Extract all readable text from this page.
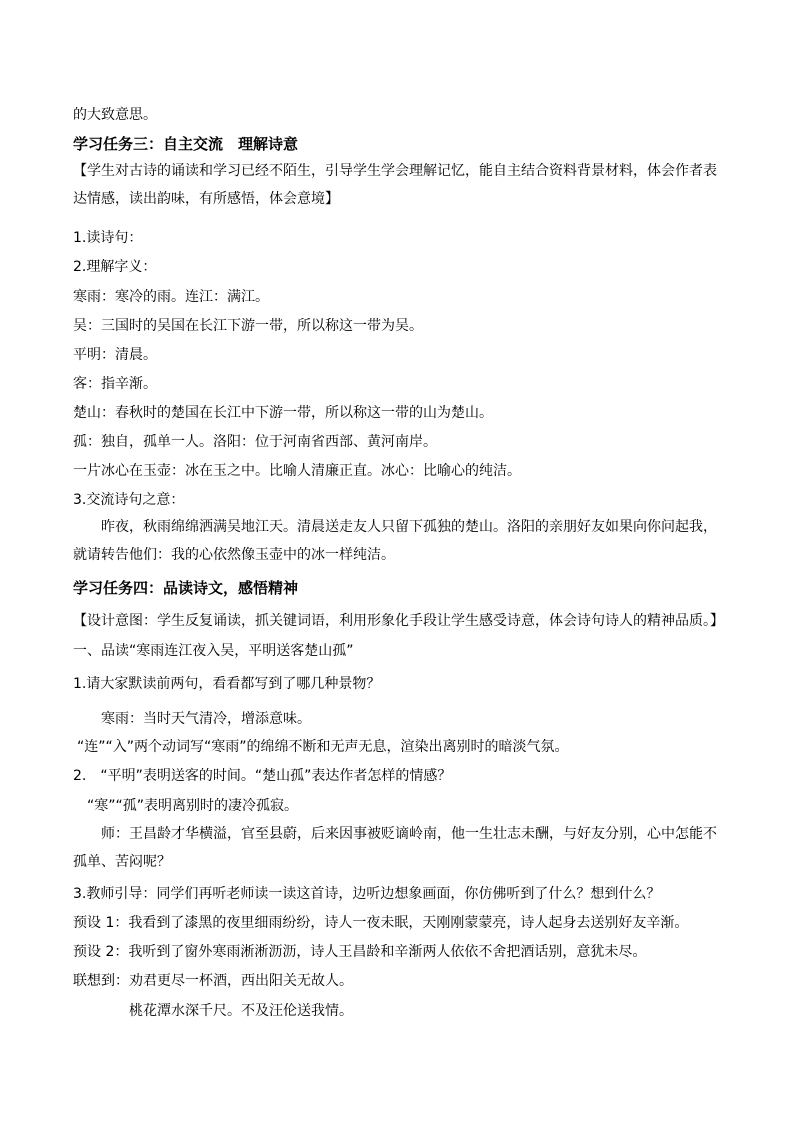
的大致意思。
学习任务三：自主交流　理解诗意
【学生对古诗的诵读和学习已经不陌生，引导学生学会理解记忆，能自主结合资料背景材料，体会作者表达情感，读出韵味，有所感悟，体会意境】
1.读诗句：
2.理解字义：
寒雨：寒冷的雨。连江：满江。
吴：三国时的吴国在长江下游一带，所以称这一带为吴。
平明：清晨。
客：指辛渐。
楚山：春秋时的楚国在长江中下游一带，所以称这一带的山为楚山。
孤：独自，孤单一人。洛阳：位于河南省西部、黄河南岸。
一片冰心在玉壶：冰在玉之中。比喻人清廉正直。冰心：比喻心的纯洁。
3.交流诗句之意：
昨夜，秋雨绵绵洒满吴地江天。清晨送走友人只留下孤独的楚山。洛阳的亲朋好友如果向你问起我，就请转告他们：我的心依然像玉壶中的冰一样纯洁。
学习任务四：品读诗文，感悟精神
【设计意图：学生反复诵读，抓关键词语，利用形象化手段让学生感受诗意，体会诗句诗人的精神品质。】
一、品读“寒雨连江夜入吴，平明送客楚山孤”
1.请大家默读前两句，看看都写到了哪几种景物？
寒雨：当时天气清冷，增添意味。
“连”“入”两个动词写“寒雨”的绵绵不断和无声无息，渲染出离别时的暗淡气氛。
2.　“平明”表明送客的时间。“楚山孤”表达作者怎样的情感？
“寒”“孤”表明离别时的凄冷孤寂。
师：王昌龄才华横溢，官至县蔚，后来因事被贬谪岭南，他一生壮志未酬，与好友分别，心中怎能不孤单、苦闷呢？
3.教师引导：同学们再听老师读一读这首诗，边听边想象画面，你仿佛听到了什么？想到什么？
预设 1：我看到了漆黑的夜里细雨纷纷，诗人一夜未眠，天刚刚蒙蒙亮，诗人起身去送别好友辛渐。
预设 2：我听到了窗外寒雨淅淅沥沥，诗人王昌龄和辛渐两人依依不舍把酒话别，意犹未尽。
联想到：劝君更尽一杯酒，西出阳关无故人。
桃花潭水深千尺。不及汪伦送我情。
